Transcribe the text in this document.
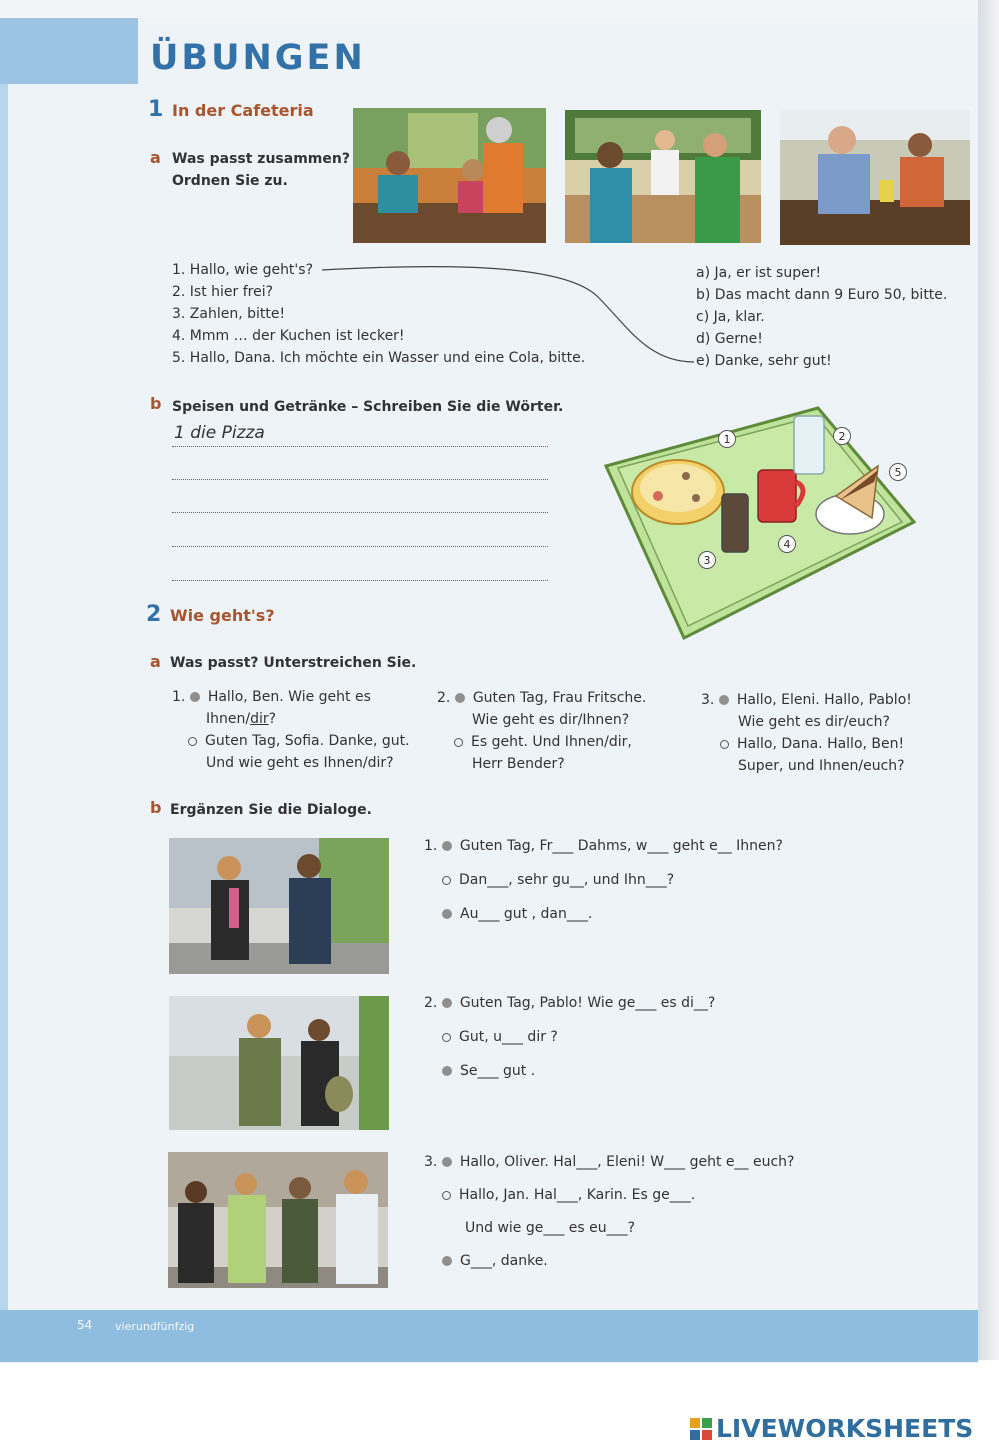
ÜBUNGEN
1 In der Cafeteria
a Was passt zusammen?
Ordnen Sie zu.
1. Hallo, wie geht's?
2. Ist hier frei?
3. Zahlen, bitte!
4. Mmm … der Kuchen ist lecker!
5. Hallo, Dana. Ich möchte ein Wasser und eine Cola, bitte.
a) Ja, er ist super!
b) Das macht dann 9 Euro 50, bitte.
c) Ja, klar.
d) Gerne!
e) Danke, sehr gut!
b Speisen und Getränke – Schreiben Sie die Wörter.
1 die Pizza	1	2
3
4
5
2 Wie geht's?
a Was passt? Unterstreichen Sie.
1. Hallo, Ben. Wie geht es
Ihnen/dir?
Guten Tag, Sofia. Danke, gut.
Und wie geht es Ihnen/dir?
2. Guten Tag, Frau Fritsche.
Wie geht es dir/Ihnen?
Es geht. Und Ihnen/dir,
Herr Bender?
3. Hallo, Eleni. Hallo, Pablo!
Wie geht es dir/euch?
Hallo, Dana. Hallo, Ben!
Super, und Ihnen/euch?
b Ergänzen Sie die Dialoge.
1. Guten Tag, Fr___ Dahms, w___ geht e__ Ihnen?
Dan___, sehr gu__, und Ihn___?
Au___ gut , dan___.
2. Guten Tag, Pablo! Wie ge___ es di__?
Gut, u___ dir ?
Se___ gut .
3. Hallo, Oliver. Hal___, Eleni! W___ geht e__ euch?
Hallo, Jan. Hal___, Karin. Es ge___.
Und wie ge___ es eu___?
G___, danke.
54 vierundfünfzig
LIVEWORKSHEETS
